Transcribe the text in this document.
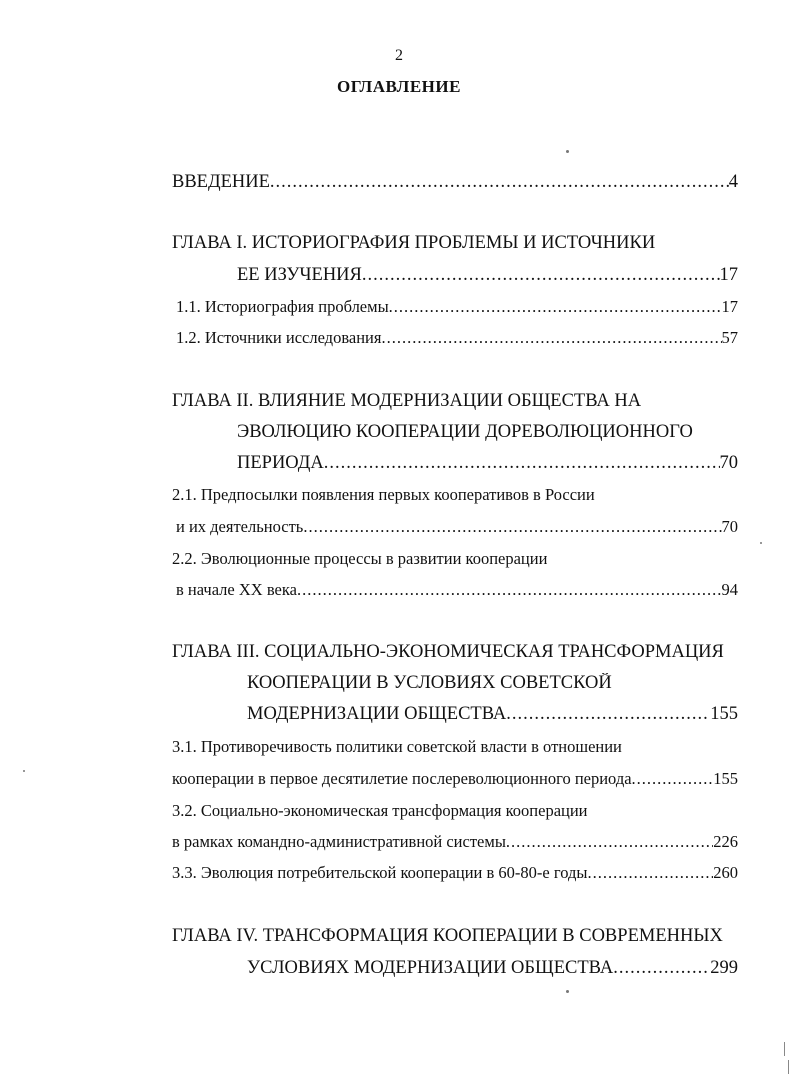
2
ОГЛАВЛЕНИЕ
ВВЕДЕНИЕ .....	4
ГЛАВА I. ИСТОРИОГРАФИЯ ПРОБЛЕМЫ И ИСТОЧНИКИ
ЕЕ ИЗУЧЕНИЯ .....	17
1.1. Историография проблемы .....	17
1.2. Источники исследования .....	57
ГЛАВА II. ВЛИЯНИЕ МОДЕРНИЗАЦИИ ОБЩЕСТВА НА
ЭВОЛЮЦИЮ КООПЕРАЦИИ ДОРЕВОЛЮЦИОННОГО
ПЕРИОДА .....	70
2.1. Предпосылки появления первых кооперативов в России
и их деятельность .....	70
2.2. Эволюционные процессы в развитии кооперации
в начале XX века .....	94
ГЛАВА III. СОЦИАЛЬНО-ЭКОНОМИЧЕСКАЯ ТРАНСФОРМАЦИЯ
КООПЕРАЦИИ В УСЛОВИЯХ СОВЕТСКОЙ
МОДЕРНИЗАЦИИ ОБЩЕСТВА .....	155
3.1. Противоречивость политики советской власти в отношении
кооперации в первое десятилетие послереволюционного периода .....	155
3.2. Социально-экономическая трансформация кооперации
в рамках командно-административной системы .....	226
3.3. Эволюция потребительской кооперации в 60-80-е годы .....	260
ГЛАВА IV. ТРАНСФОРМАЦИЯ КООПЕРАЦИИ В СОВРЕМЕННЫХ
УСЛОВИЯХ МОДЕРНИЗАЦИИ ОБЩЕСТВА .....	299
